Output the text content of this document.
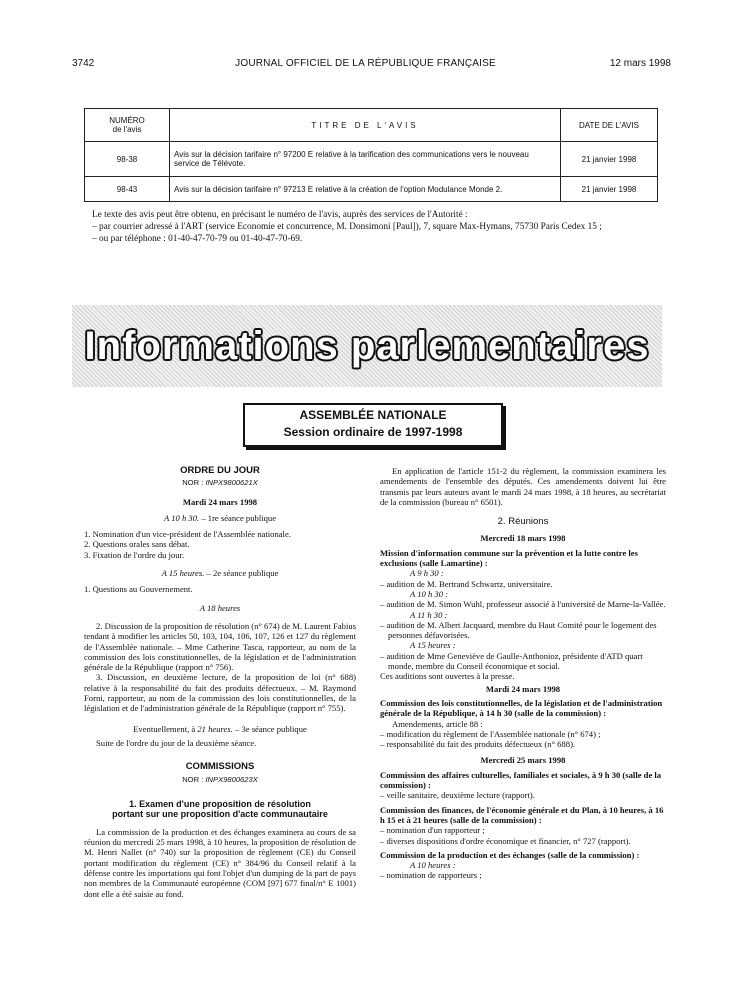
3742	JOURNAL OFFICIEL DE LA RÉPUBLIQUE FRANÇAISE	12 mars 1998
NUMÉRO
de l'avis	TITRE DE L'AVIS	DATE DE L'AVIS
98-38	Avis sur la décision tarifaire n° 97200 E relative à la tarification des communications vers le nouveau service de Télévote.	21 janvier 1998
98-43	Avis sur la décision tarifaire n° 97213 E relative à la création de l'option Modulance Monde 2.	21 janvier 1998
Le texte des avis peut être obtenu, en précisant le numéro de l'avis, auprès des services de l'Autorité :
– par courrier adressé à l'ART (service Economie et concurrence, M. Donsimoni [Paul]), 7, square Max-Hymans, 75730 Paris Cedex 15 ;
– ou par téléphone : 01-40-47-70-79 ou 01-40-47-70-69.
Informations parlementaires
ASSEMBLÉE NATIONALE
Session ordinaire de 1997-1998

ORDRE DU JOUR

NOR : INPX9800621X

Mardi 24 mars 1998

A 10 h 30. – 1re séance publique

1. Nomination d'un vice-président de l'Assemblée nationale.

2. Questions orales sans débat.

3. Fixation de l'ordre du jour.

A 15 heures. – 2e séance publique

1. Questions au Gouvernement.

A 18 heures

2. Discussion de la proposition de résolution (n° 674) de M. Laurent Fabius tendant à modifier les articles 50, 103, 104, 106, 107, 126 et 127 du règlement de l'Assemblée nationale. – Mme Catherine Tasca, rapporteur, au nom de la commission des lois constitutionnelles, de la législation et de l'administration générale de la République (rapport n° 756).

3. Discussion, en deuxième lecture, de la proposition de loi (n° 688) relative à la responsabilité du fait des produits défectueux. – M. Raymond Forni, rapporteur, au nom de la commission des lois constitutionnelles, de la législation et de l'administration générale de la République (rapport n° 755).

Eventuellement, à 21 heures. – 3e séance publique

Suite de l'ordre du jour de la deuxième séance.

COMMISSIONS

NOR : INPX9800623X

1. Examen d'une proposition de résolution

portant sur une proposition d'acte communautaire

La commission de la production et des échanges examinera au cours de sa réunion du mercredi 25 mars 1998, à 10 heures, la proposition de résolution de M. Henri Nallet (n° 740) sur la proposition de règlement (CE) du Conseil portant modification du règlement (CE) n° 384/96 du Conseil relatif à la défense contre les importations qui font l'objet d'un dumping de la part de pays non membres de la Communauté européenne (COM [97] 677 final/n° E 1001) dont elle a été saisie au fond.

En application de l'article 151-2 du règlement, la commission examinera les amendements de l'ensemble des députés. Ces amendements doivent lui être transmis par leurs auteurs avant le mardi 24 mars 1998, à 18 heures, au secrétariat de la commission (bureau n° 6501).

2. Réunions

Mercredi 18 mars 1998

Mission d'information commune sur la prévention et la lutte contre les exclusions (salle Lamartine) :

A 9 h 30 :

– audition de M. Bertrand Schwartz, universitaire.

A 10 h 30 :

– audition de M. Simon Wuhl, professeur associé à l'université de Marne-la-Vallée.

A 11 h 30 :

– audition de M. Albert Jacquard, membre du Haut Comité pour le logement des personnes défavorisées.

A 15 heures :

– audition de Mme Geneviève de Gaulle-Anthonioz, présidente d'ATD quart monde, membre du Conseil économique et social.

Ces auditions sont ouvertes à la presse.

Mardi 24 mars 1998

Commission des lois constitutionnelles, de la législation et de l'administration générale de la République, à 14 h 30 (salle de la commission) :

Amendements, article 88 :

– modification du règlement de l'Assemblée nationale (n° 674) ;

– responsabilité du fait des produits défectueux (n° 688).

Mercredi 25 mars 1998

Commission des affaires culturelles, familiales et sociales, à 9 h 30 (salle de la commission) :

– veille sanitaire, deuxième lecture (rapport).

Commission des finances, de l'économie générale et du Plan, à 10 heures, à 16 h 15 et à 21 heures (salle de la commission) :

– nomination d'un rapporteur ;

– diverses dispositions d'ordre économique et financier, n° 727 (rapport).

Commission de la production et des échanges (salle de la commission) :

A 10 heures :

– nomination de rapporteurs ;
